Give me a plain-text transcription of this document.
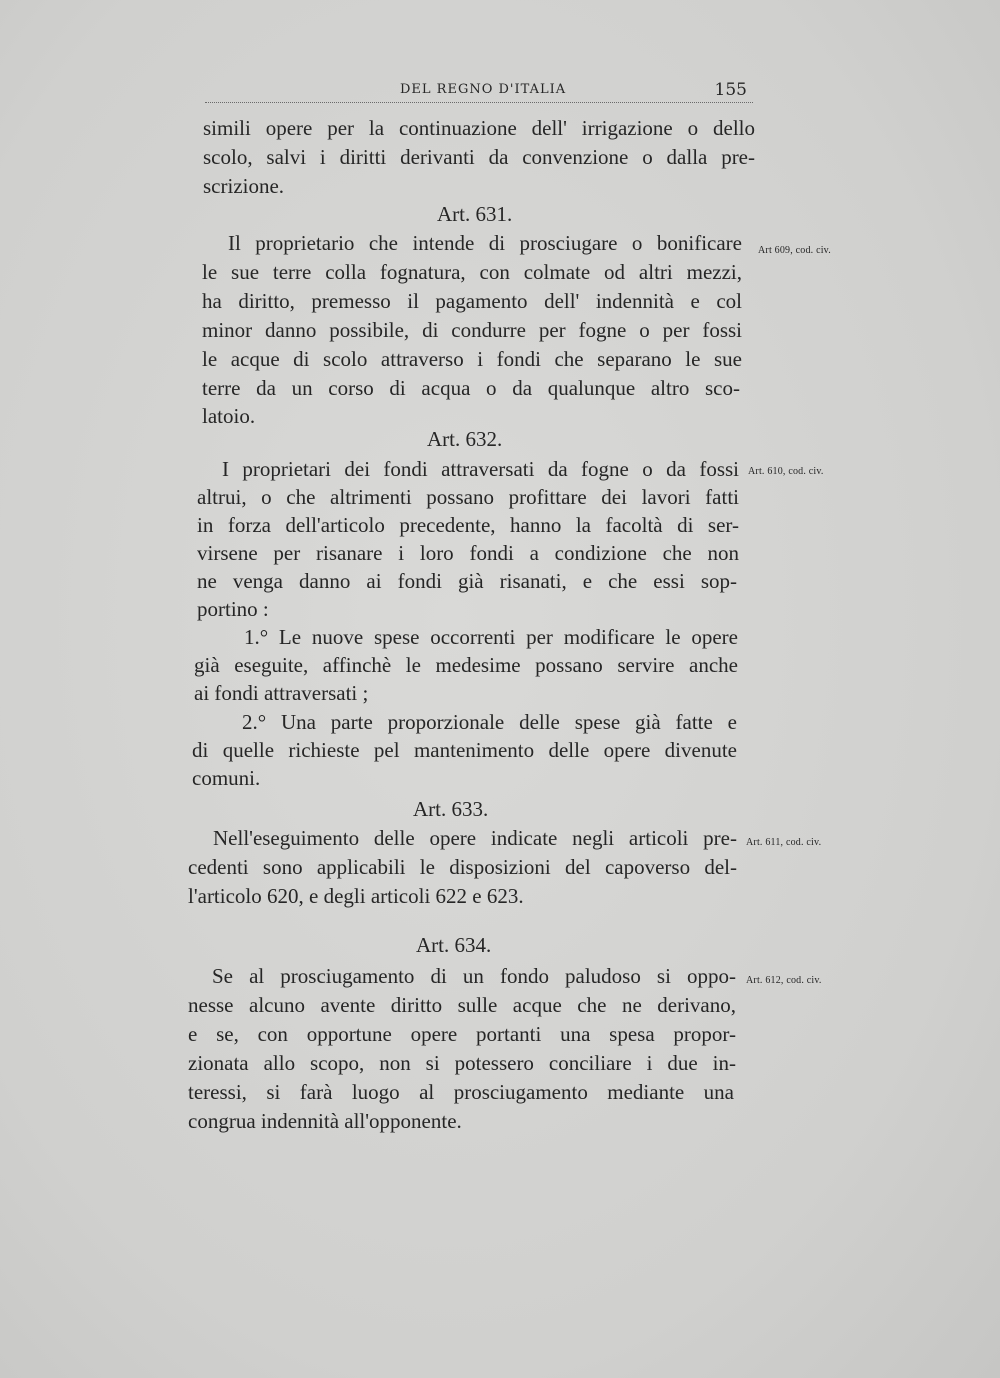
DEL REGNO D'ITALIA	155
simili opere per la continuazione dell' irrigazione o dello
scolo, salvi i diritti derivanti da convenzione o dalla pre-
scrizione.
Art. 631.
Art 609, cod. civ.
Il proprietario che intende di prosciugare o bonificare
le sue terre colla fognatura, con colmate od altri mezzi,
ha diritto, premesso il pagamento dell' indennità e col
minor danno possibile, di condurre per fogne o per fossi
le acque di scolo attraverso i fondi che separano le sue
terre da un corso di acqua o da qualunque altro sco-
latoio.
Art. 632.
Art. 610, cod. civ.
I proprietari dei fondi attraversati da fogne o da fossi
altrui, o che altrimenti possano profittare dei lavori fatti
in forza dell'articolo precedente, hanno la facoltà di ser-
virsene per risanare i loro fondi a condizione che non
ne venga danno ai fondi già risanati, e che essi sop-
portino :
1.° Le nuove spese occorrenti per modificare le opere
già eseguite, affinchè le medesime possano servire anche
ai fondi attraversati ;
2.° Una parte proporzionale delle spese già fatte e
di quelle richieste pel mantenimento delle opere divenute
comuni.
Art. 633.
Art. 611, cod. civ.
Nell'eseguimento delle opere indicate negli articoli pre-
cedenti sono applicabili le disposizioni del capoverso del-
l'articolo 620, e degli articoli 622 e 623.
Art. 634.
Art. 612, cod. civ.
Se al prosciugamento di un fondo paludoso si oppo-
nesse alcuno avente diritto sulle acque che ne derivano,
e se, con opportune opere portanti una spesa propor-
zionata allo scopo, non si potessero conciliare i due in-
teressi, si farà luogo al prosciugamento mediante una
congrua indennità all'opponente.
